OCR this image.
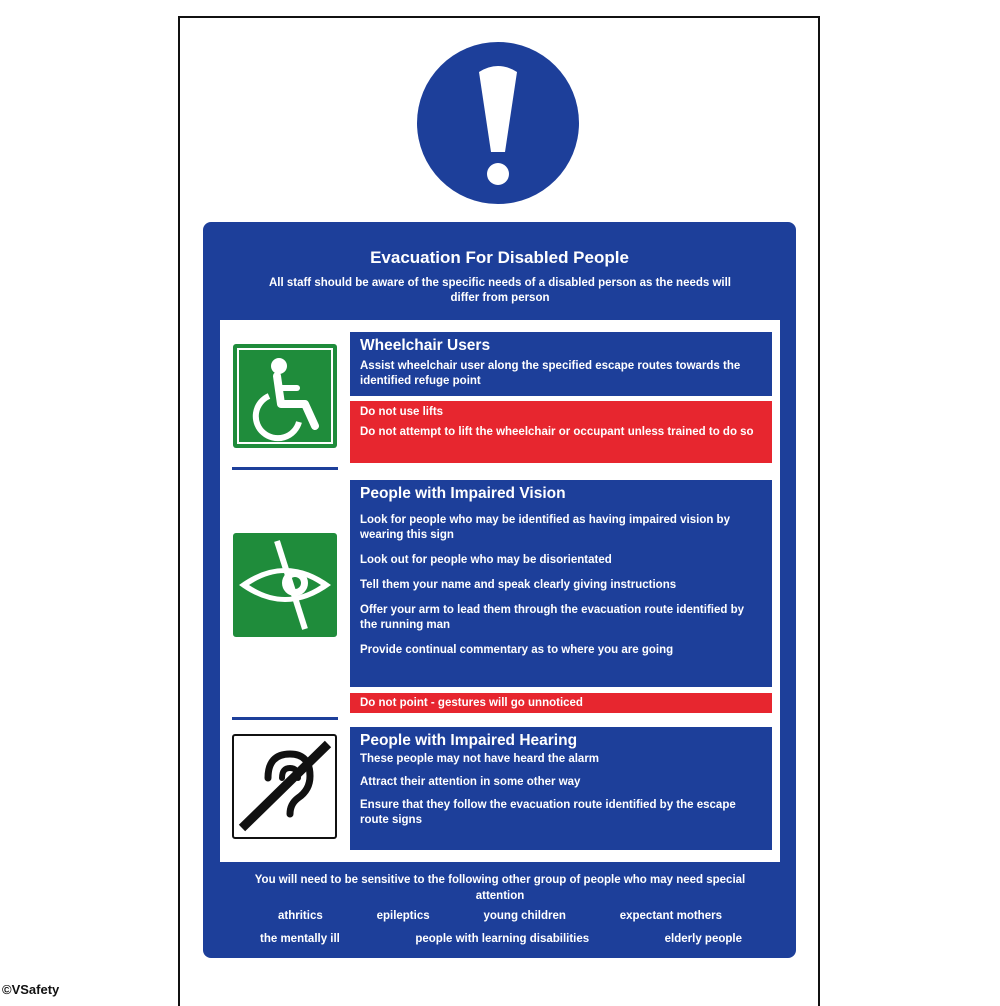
Evacuation For Disabled People
All staff should be aware of the specific needs of a disabled person as the needs will differ from person
Wheelchair Users

Assist wheelchair user along the specified escape routes towards the identified refuge point

Do not use lifts

Do not attempt to lift the wheelchair or occupant unless trained to do so

People with Impaired Vision

Look for people who may be identified as having impaired vision by wearing this sign

Look out for people who may be disorientated

Tell them your name and speak clearly giving instructions

Offer your arm to lead them through the evacuation route identified by the running man

Provide continual commentary as to where you are going

Do not point - gestures will go unnoticed

People with Impaired Hearing

These people may not have heard the alarm

Attract their attention in some other way

Ensure that they follow the evacuation route identified by the escape route signs

You will need to be sensitive to the following other group of people who may need special attention
athritics	epileptics	young children	expectant mothers
the mentally ill	people with learning disabilities	elderly people
©VSafety
